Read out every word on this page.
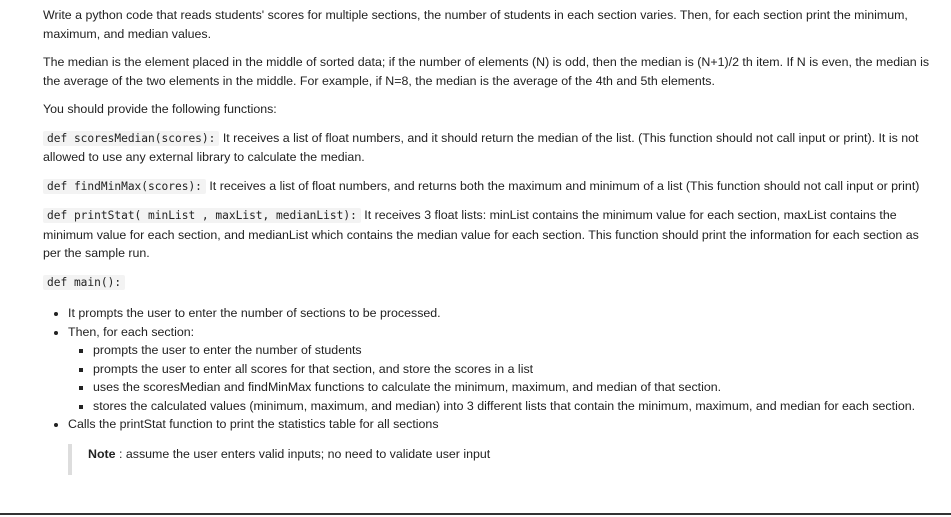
Write a python code that reads students' scores for multiple sections, the number of students in each section varies. Then, for each section print the minimum, maximum, and median values.

The median is the element placed in the middle of sorted data; if the number of elements (N) is odd, then the median is (N+1)/2 th item. If N is even, the median is the average of the two elements in the middle. For example, if N=8, the median is the average of the 4th and 5th elements.

You should provide the following functions:

def scoresMedian(scores): It receives a list of float numbers, and it should return the median of the list. (This function should not call input or print). It is not allowed to use any external library to calculate the median.

def findMinMax(scores): It receives a list of float numbers, and returns both the maximum and minimum of a list (This function should not call input or print)

def printStat( minList , maxList, medianList): It receives 3 float lists: minList contains the minimum value for each section, maxList contains the minimum value for each section, and medianList which contains the median value for each section. This function should print the information for each section as per the sample run.

def main():

• It prompts the user to enter the number of sections to be processed.
• Then, for each section:
▪ prompts the user to enter the number of students
▪ prompts the user to enter all scores for that section, and store the scores in a list
▪ uses the scoresMedian and findMinMax functions to calculate the minimum, maximum, and median of that section.
▪ stores the calculated values (minimum, maximum, and median) into 3 different lists that contain the minimum, maximum, and median for each section.
• Calls the printStat function to print the statistics table for all sections
Note : assume the user enters valid inputs; no need to validate user input
